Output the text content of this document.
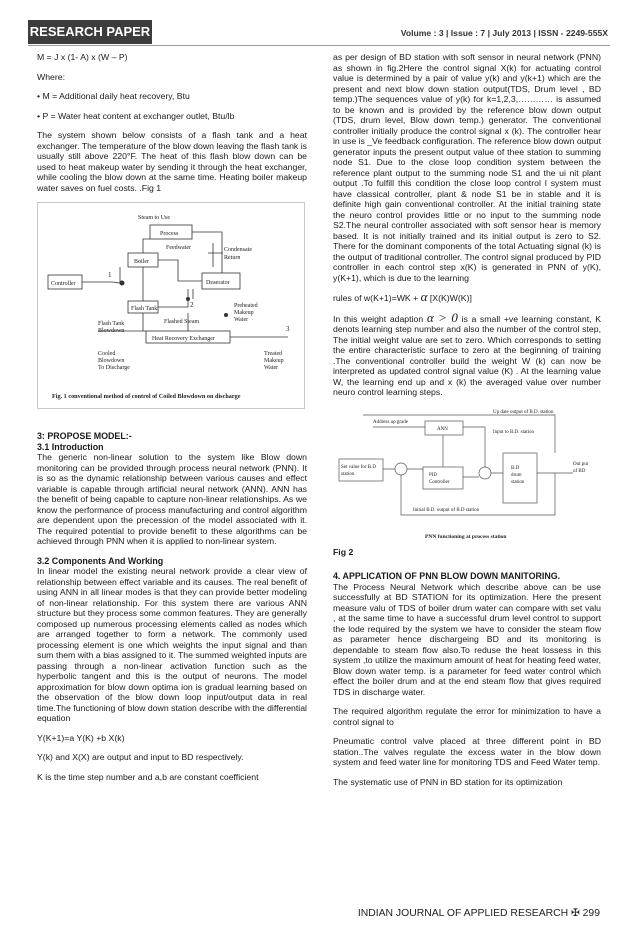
RESEARCH PAPER	Volume : 3 | Issue : 7 | July 2013 | ISSN - 2249-555X

M = J x (1- A) x (W – P)

Where:

• M = Additional daily heat recovery, Btu

• P = Water heat content at exchanger outlet, Btu/lb

The system shown below consists of a flash tank and a heat exchanger. The temperature of the blow down leaving the flash tank is usually still above 220°F. The heat of this flash blow down can be used to heat makeup water by sending it through the heat exchanger, while cooling the blow down at the same time. Heating boiler makeup water saves on fuel costs. .Fig 1

Steam to Use
Process
Feedwater	Condensate
Return
Boiler
Controller	Deaerator
Flash Tank
Flashed Steam
Preheated
Makeup
Water
Flash Tank
Blowdown
Heat Recovery Exchanger
Cooled
Blowdown
To Discharge
Treated
Makeup
Water
1
2
3
Fig. 1 conventional method of control of Coiled Blowdown on discharge
3: PROPOSE MODEL:-
3.1 Introduction

The generic non-linear solution to the system like Blow down monitoring can be provided through process neural network (PNN). It is so as the dynamic relationship between various causes and effect variable is capable through artificial neural network (ANN). ANN has the benefit of being capable to capture non-linear relationships. As we know the performance of process manufacturing and control algorithm are dependent upon the precession of the model associated with it. The required potential to provide benefit to these algorithms can be achieved through PNN when it is applied to non-linear system.

3.2 Components And Working

In linear model the existing neural network provide a clear view of relationship between effect variable and its causes. The real benefit of using ANN in all linear modes is that they can provide better modeling of non-linear relationship. For this system there are various ANN structure but they process some common features. They are generally composed up numerous processing elements called as nodes which are arranged together to form a network. The commonly used processing element is one which weights the input signal and than sum them with a bias assigned to it. The summed weighted inputs are passing through a non-linear activation function such as the hyperbolic tangent and this is the output of neurons. The model approximation for blow down optima ion is gradual learning based on the observation of the blow down loop input/output data in real time.The functioning of blow down station describe with the differential equation

Y(K+1)=a Y(K) +b X(k)

Y(k) and X(X) are output and input to BD respectively.

K is the time step number and a,b are constant coefficient

as per design of BD station with soft sensor in neural network (PNN) as shown in fig.2Here the control signal X(k) for actuating control value is determined by a pair of value y(k) and y(k+1) which are the present and next blow down station output(TDS, Drum level , BD temp.)The sequences value of y(k) for k=1,2,3,………… is assumed to be known and is provided by the reference blow down output (TDS, drum level, Blow down temp.) generator. The conventional controller initially produce the control signal x (k). The controller hear in use is _Ve feedback configuration. The reference blow down output generator inputs the present output value of thee station to summing node S1. Due to the close loop condition system between the reference plant output to the summing node S1 and the ui nit plant output .To fulfill this condition the close loop control l system must have classical controller, plant & node S1 be in stable and it is definite high gain conventional controller. At the initial training state the neuro control provides little or no input to the summing node S2.The neural controller associated with soft sensor hear is memory based. It is not initially trained and its initial output is zero to S2. There for the dominant components of the total Actuating signal (k) is the output of traditional controller. The control signal produced by PID controller in each control step x(K) is generated in PNN of y(K), y(K+1), which is due to the learning

rules of w(K+1)=WK + α [X(K)W(K)]

In this weight adaption α > 0 is a small +ve learning constant, K denots learning step number and also the number of the control step, The initial weight value are set to zero. Which corresponds to setting the entire characteristic surface to zero at the beginning of training .The conventional controller build the weight W (k) can now be interpreted as updated control signal value (K) . At the learning value W, the learning end up and x (k) the averaged value over number neuro control learning steps.

Address up grade
ANN
Up date output of B.D. station
Input to B.D. station
Set value for B.D
station	PID
Controller
B.D
drum
station
Out put
of BD
Initial B.D. output of B.D station
PNN functioning at process station

Fig 2

4. APPLICATION OF PNN BLOW DOWN MANITORING.

The Process Neural Network which describe above can be use successfully at BD STATION for its optimization. Here the present measure valu of TDS of boiler drum water can compare with set valu , at the same time to have a successful drum level control to support the lode required by the system we have to consider the steam flow as parameter hence dischargeing BD and its monitoring is dependable to steam flow also.To reduse the heat lossess in this system ,to utilize the maximum amount of heat for heating feed water, Blow down water temp. is a parameter for feed water control which effect the boiler drum and at the end steam flow that gives required TDS in discharge water.

The required algorithm regulate the error for minimization to have a control signal to

Pneumatic control valve placed at three different point in BD station..The valves regulate the excess water in the blow down system and feed water line for monitoring TDS and Feed Water temp.

The systematic use of PNN in BD station for its optimization

INDIAN JOURNAL OF APPLIED RESEARCH ✠ 299
